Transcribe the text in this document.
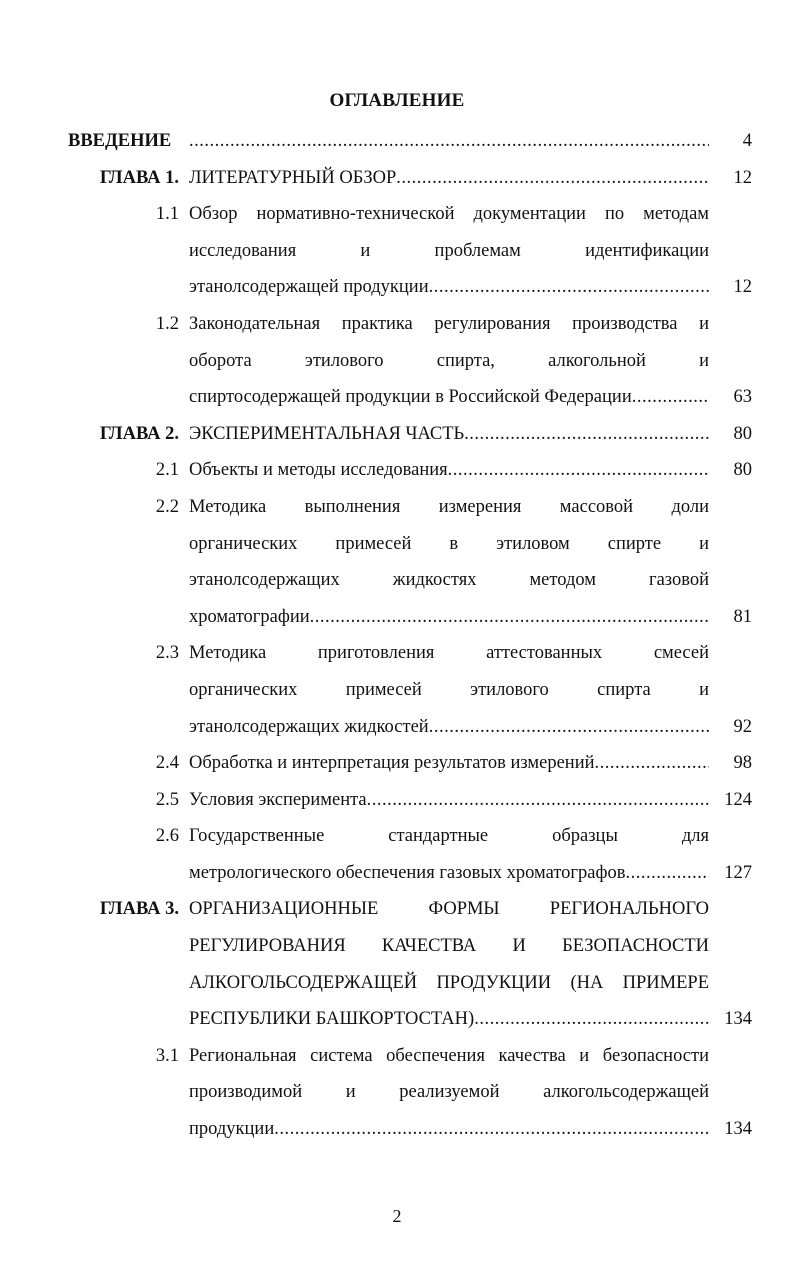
ОГЛАВЛЕНИЕ
ВВЕДЕНИЕ .....	4
ГЛАВА 1. ЛИТЕРАТУРНЫЙ ОБЗОР .....	12
1.1 Обзор нормативно-технической документации по методам
исследования и проблемам идентификации
этанолсодержащей продукции .....	12
1.2 Законодательная практика регулирования производства и
оборота этилового спирта, алкогольной и
спиртосодержащей продукции в Российской Федерации .....	63
ГЛАВА 2. ЭКСПЕРИМЕНТАЛЬНАЯ ЧАСТЬ .....	80
2.1 Объекты и методы исследования .....	80
2.2 Методика выполнения измерения массовой доли
органических примесей в этиловом спирте и
этанолсодержащих жидкостях методом газовой
хроматографии .....	81
2.3 Методика приготовления аттестованных смесей
органических примесей этилового спирта и
этанолсодержащих жидкостей .....	92
2.4 Обработка и интерпретация результатов измерений .....	98
2.5 Условия эксперимента .....	124
2.6 Государственные стандартные образцы для
метрологического обеспечения газовых хроматографов .....	127
ГЛАВА 3. ОРГАНИЗАЦИОННЫЕ ФОРМЫ РЕГИОНАЛЬНОГО
РЕГУЛИРОВАНИЯ КАЧЕСТВА И БЕЗОПАСНОСТИ
АЛКОГОЛЬСОДЕРЖАЩЕЙ ПРОДУКЦИИ (НА ПРИМЕРЕ
РЕСПУБЛИКИ БАШКОРТОСТАН) .....	134
3.1 Региональная система обеспечения качества и безопасности
производимой и реализуемой алкогольсодержащей
продукции .....	134
2
